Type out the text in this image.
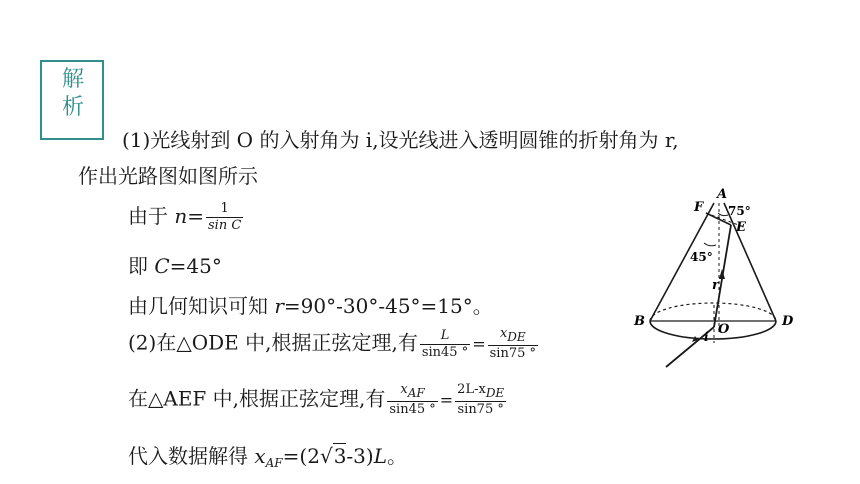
解
析
(1)光线射到 O 的入射角为 i,设光线进入透明圆锥的折射角为 r,
作出光路图如图所示
由于 $n= \frac{1}{\text{sin C}}$
即 C=45°
由几何知识可知 r=90°-30°-45°=15°。
(2)在△ODE 中,根据正弦定理,有 $\frac{L}{\sin 45 ^\circ} = \frac{\text{xDE}}{\sin 75 ^\circ}$
在△AEF 中,根据正弦定理,有 $\frac{\text{xAF}}{\sin 45 ^\circ} = \frac{\text{2L-xDE}}{\sin 75 ^\circ}$
代入数据解得 $x_{AF}=(2√3-3)L$。
A
F 75°
E
45°
r
B	D
O
i
